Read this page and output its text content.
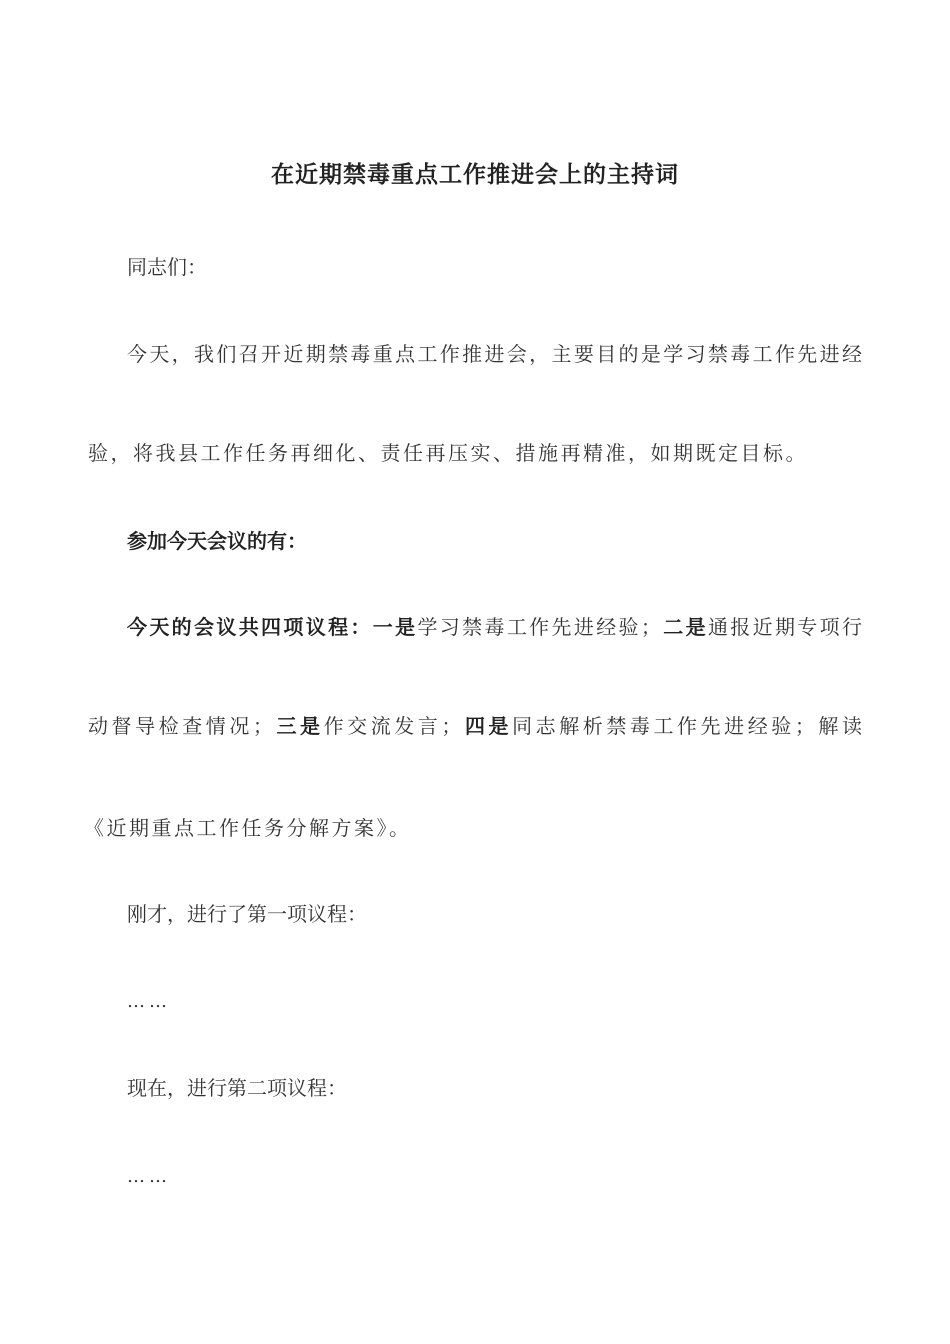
在近期禁毒重点工作推进会上的主持词
同志们：
今天，我们召开近期禁毒重点工作推进会，主要目的是学习禁毒工作先进经
验，将我县工作任务再细化、责任再压实、措施再精准，如期既定目标。
参加今天会议的有：
今天的会议共四项议程：一是学习禁毒工作先进经验；二是通报近期专项行
动督导检查情况；三是作交流发言；四是同志解析禁毒工作先进经验；解读
《近期重点工作任务分解方案》。
刚才，进行了第一项议程：
……
现在，进行第二项议程：
……
